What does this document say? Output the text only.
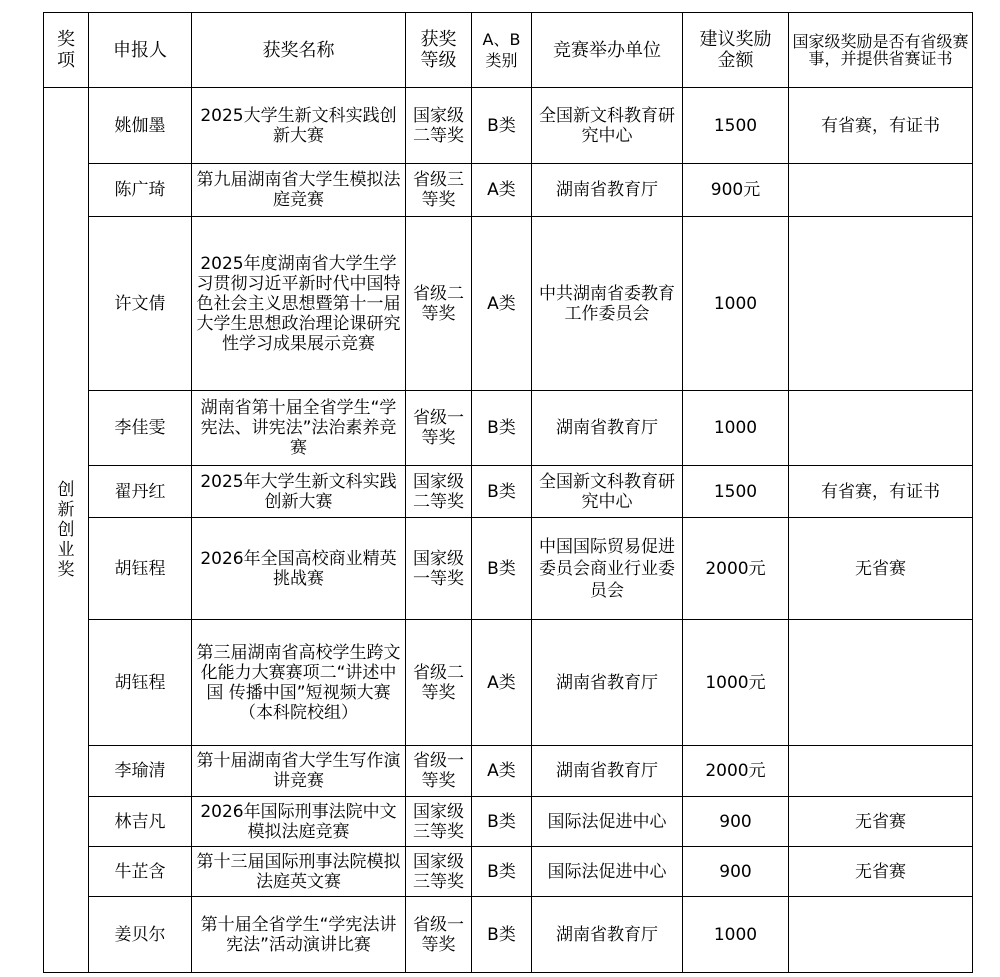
奖项	申报人	获奖名称	获奖等级	A、B类别	竞赛举办单位	建议奖励金额	国家级奖励是否有省级赛事，并提供省赛证书
创新创业奖	姚伽墨	2025大学生新文科实践创新大赛	国家级二等奖	B类	全国新文科教育研究中心	1500	有省赛，有证书
	陈广琦	第九届湖南省大学生模拟法庭竞赛	省级三等奖	A类	湖南省教育厅	900元	
	许文倩	2025年度湖南省大学生学习贯彻习近平新时代中国特色社会主义思想暨第十一届大学生思想政治理论课研究性学习成果展示竞赛	省级二等奖	A类	中共湖南省委教育工作委员会	1000	
	李佳雯	湖南省第十届全省学生“学宪法、讲宪法”法治素养竞赛	省级一等奖	B类	湖南省教育厅	1000	
	翟丹红	2025年大学生新文科实践创新大赛	国家级二等奖	B类	全国新文科教育研究中心	1500	有省赛，有证书
	胡钰程	2026年全国高校商业精英挑战赛	国家级一等奖	B类	中国国际贸易促进委员会商业行业委员会	2000元	无省赛
	胡钰程	第三届湖南省高校学生跨文化能力大赛赛项二“讲述中国 传播中国”短视频大赛（本科院校组）	省级二等奖	A类	湖南省教育厅	1000元	
	李瑜清	第十届湖南省大学生写作演讲竞赛	省级一等奖	A类	湖南省教育厅	2000元	
	林吉凡	2026年国际刑事法院中文模拟法庭竞赛	国家级三等奖	B类	国际法促进中心	900	无省赛
	牛芷含	第十三届国际刑事法院模拟法庭英文赛	国家级三等奖	B类	国际法促进中心	900	无省赛
	姜贝尔	第十届全省学生“学宪法讲宪法”活动演讲比赛	省级一等奖	B类	湖南省教育厅	1000	
